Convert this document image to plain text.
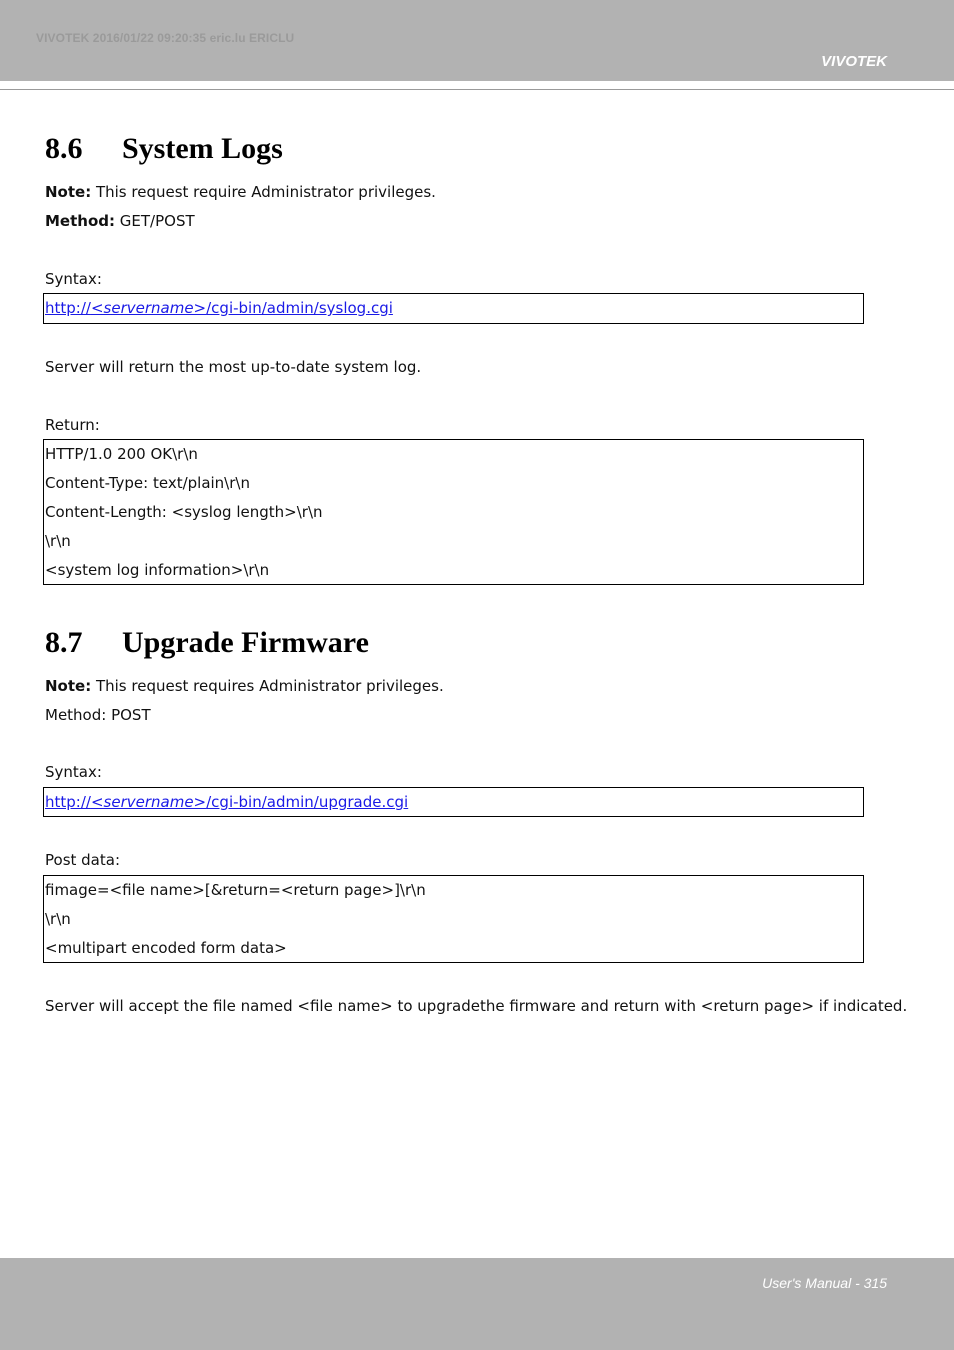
VIVOTEK 2016/01/22 09:20:35 eric.lu ERICLU
VIVOTEK
8.6 System Logs
Note: This request require Administrator privileges.
Method: GET/POST
Syntax:
http://<servername>/cgi-bin/admin/syslog.cgi
Server will return the most up-to-date system log.
Return:
HTTP/1.0 200 OK\r\n
Content-Type: text/plain\r\n
Content-Length: <syslog length>\r\n
\r\n
<system log information>\r\n
8.7 Upgrade Firmware
Note: This request requires Administrator privileges.
Method: POST
Syntax:
http://<servername>/cgi-bin/admin/upgrade.cgi
Post data:
fimage=<file name>[&return=<return page>]\r\n
\r\n
<multipart encoded form data>
Server will accept the file named <file name> to upgradethe firmware and return with <return page> if indicated.
User's Manual - 315
